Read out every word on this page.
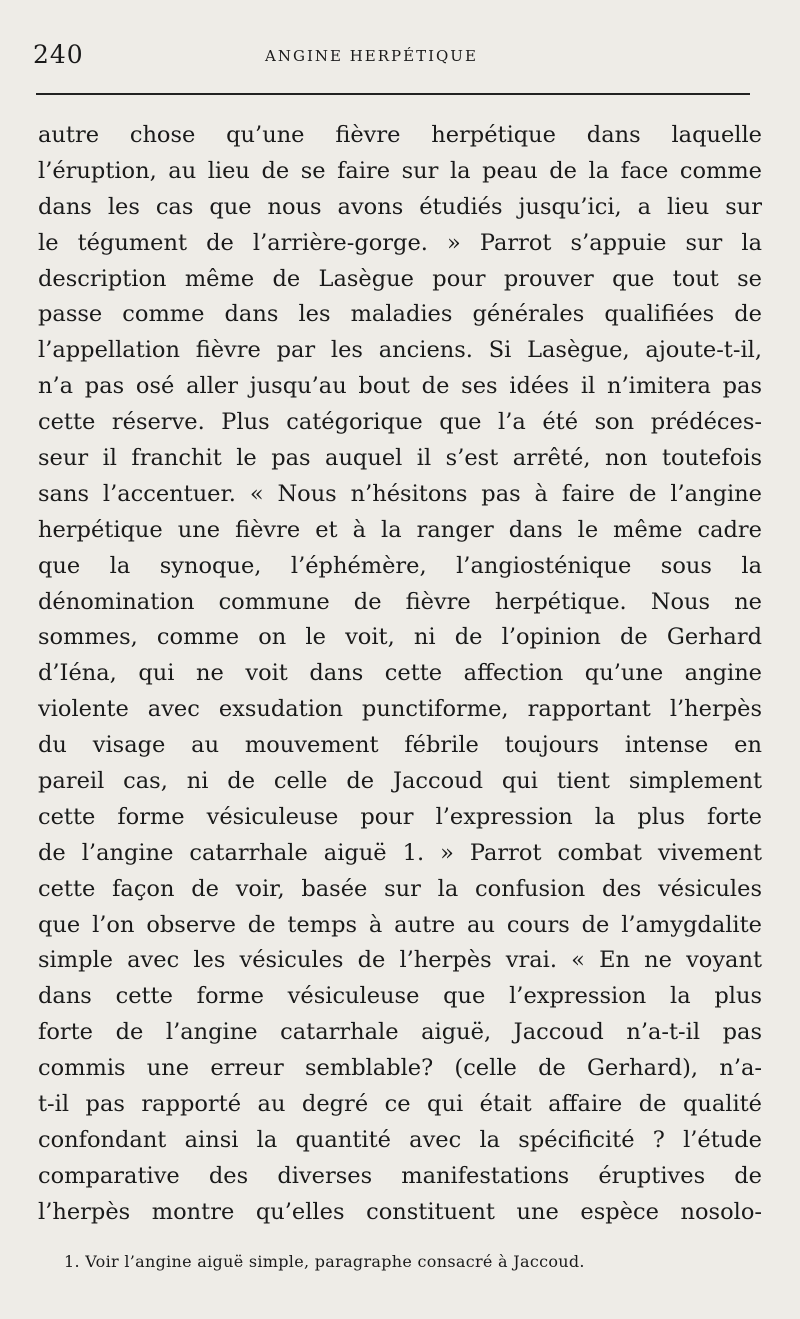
240	ANGINE HERPÉTIQUE
autre chose qu’une fièvre herpétique dans laquelle
l’éruption, au lieu de se faire sur la peau de la face comme
dans les cas que nous avons étudiés jusqu’ici, a lieu sur
le tégument de l’arrière-gorge. » Parrot s’appuie sur la
description même de Lasègue pour prouver que tout se
passe comme dans les maladies générales qualifiées de
l’appellation fièvre par les anciens. Si Lasègue, ajoute-t-il,
n’a pas osé aller jusqu’au bout de ses idées il n’imitera pas
cette réserve. Plus catégorique que l’a été son prédéces-
seur il franchit le pas auquel il s’est arrêté, non toutefois
sans l’accentuer. « Nous n’hésitons pas à faire de l’angine
herpétique une fièvre et à la ranger dans le même cadre
que la synoque, l’éphémère, l’angiosténique sous la
dénomination commune de fièvre herpétique. Nous ne
sommes, comme on le voit, ni de l’opinion de Gerhard
d’Iéna, qui ne voit dans cette affection qu’une angine
violente avec exsudation punctiforme, rapportant l’herpès
du visage au mouvement fébrile toujours intense en
pareil cas, ni de celle de Jaccoud qui tient simplement
cette forme vésiculeuse pour l’expression la plus forte
de l’angine catarrhale aiguë 1. » Parrot combat vivement
cette façon de voir, basée sur la confusion des vésicules
que l’on observe de temps à autre au cours de l’amygdalite
simple avec les vésicules de l’herpès vrai. « En ne voyant
dans cette forme vésiculeuse que l’expression la plus
forte de l’angine catarrhale aiguë, Jaccoud n’a-t-il pas
commis une erreur semblable? (celle de Gerhard), n’a-
t-il pas rapporté au degré ce qui était affaire de qualité
confondant ainsi la quantité avec la spécificité ? l’étude
comparative des diverses manifestations éruptives de
l’herpès montre qu’elles constituent une espèce nosolo-
1. Voir l’angine aiguë simple, paragraphe consacré à Jaccoud.
